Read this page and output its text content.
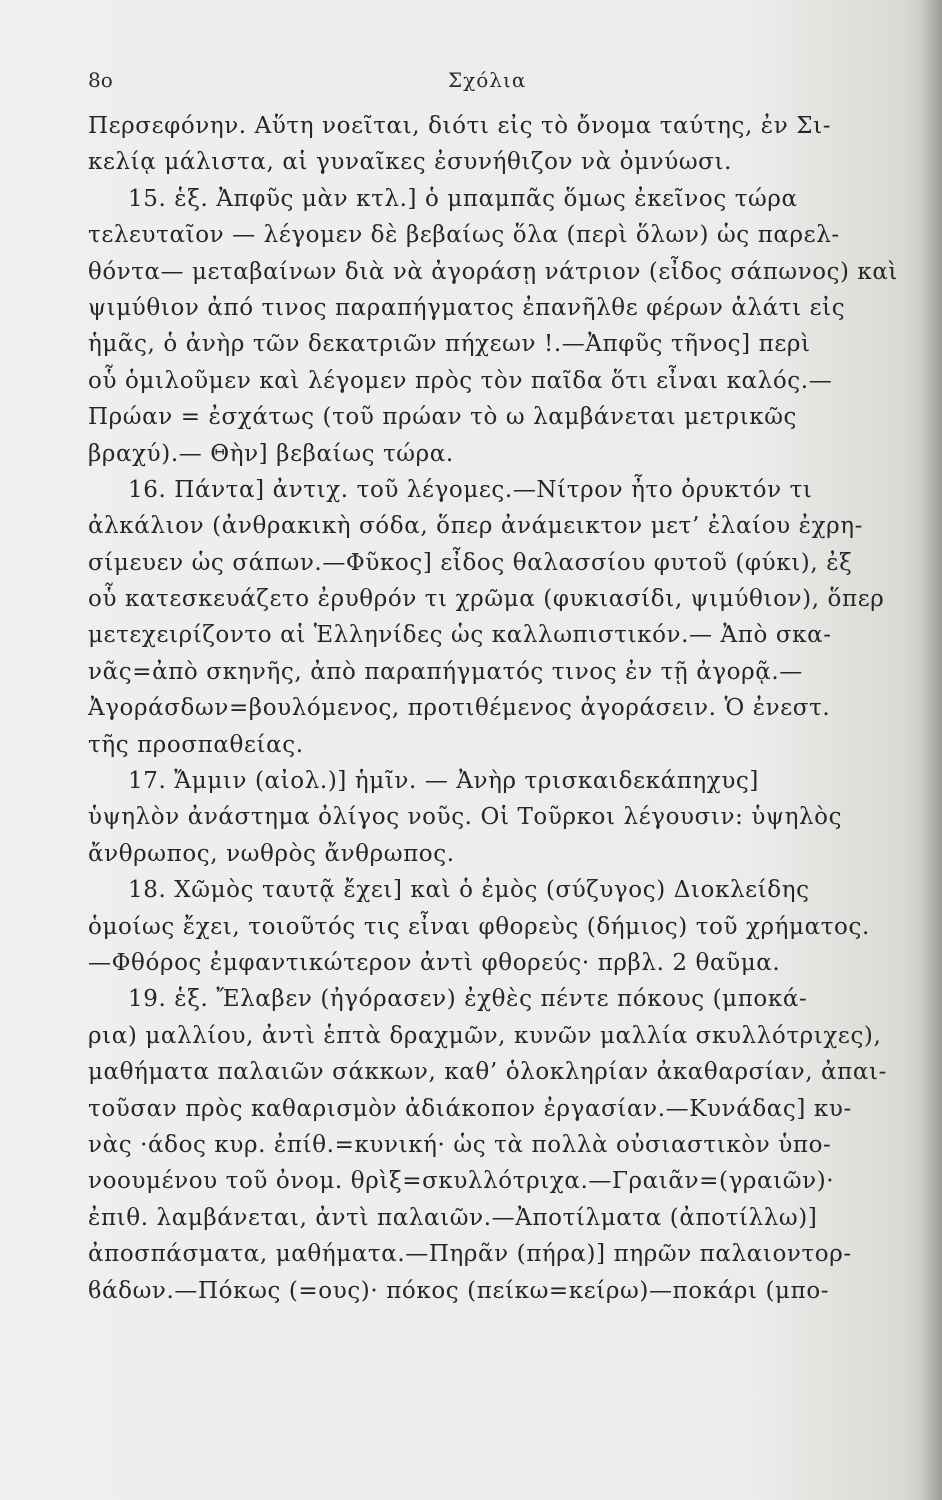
8o	Σχόλια
Περσεφόνην. Αὕτη νοεῖται, διότι εἰς τὸ ὄνομα ταύτης, ἐν Σι-
κελίᾳ μάλιστα, αἱ γυναῖκες ἐσυνήθιζον νὰ ὀμνύωσι.
15. ἑξ. Ἀπφῦς μὰν κτλ.] ὁ μπαμπᾶς ὅμως ἐκεῖνος τώρα
τελευταῖον — λέγομεν δὲ βεβαίως ὅλα (περὶ ὅλων) ὡς παρελ-
θόντα— μεταβαίνων διὰ νὰ ἀγοράσῃ νάτριον (εἶδος σάπωνος) καὶ
ψιμύθιον ἀπό τινος παραπήγματος ἐπανῆλθε φέρων ἁλάτι εἰς
ἡμᾶς, ὁ ἀνὴρ τῶν δεκατριῶν πήχεων !.—Ἀπφῦς τῆνος] περὶ
οὗ ὁμιλοῦμεν καὶ λέγομεν πρὸς τὸν παῖδα ὅτι εἶναι καλός.—
Πρώαν = ἐσχάτως (τοῦ πρώαν τὸ ω λαμβάνεται μετρικῶς
βραχύ).— Θὴν] βεβαίως τώρα.
16. Πάντα] ἀντιχ. τοῦ λέγομες.—Νίτρον ἦτο ὀρυκτόν τι
ἀλκάλιον (ἀνθρακικὴ σόδα, ὅπερ ἀνάμεικτον μετ’ ἐλαίου ἐχρη-
σίμευεν ὡς σάπων.—Φῦκος] εἶδος θαλασσίου φυτοῦ (φύκι), ἐξ
οὗ κατεσκευάζετο ἐρυθρόν τι χρῶμα (φυκιασίδι, ψιμύθιον), ὅπερ
μετεχειρίζοντο αἱ Ἑλληνίδες ὡς καλλωπιστικόν.— Ἀπὸ σκα-
νᾶς=ἀπὸ σκηνῆς, ἀπὸ παραπήγματός τινος ἐν τῇ ἀγορᾷ.—
Ἀγοράσδων=βουλόμενος, προτιθέμενος ἀγοράσειν. Ὁ ἐνεστ.
τῆς προσπαθείας.
17. Ἄμμιν (αἰολ.)] ἡμῖν. — Ἀνὴρ τρισκαιδεκάπηχυς]
ὑψηλὸν ἀνάστημα ὀλίγος νοῦς. Οἱ Τοῦρκοι λέγουσιν: ὑψηλὸς
ἄνθρωπος, νωθρὸς ἄνθρωπος.
18. Χῶμὸς ταυτᾷ ἔχει] καὶ ὁ ἐμὸς (σύζυγος) Διοκλείδης
ὁμοίως ἔχει, τοιοῦτός τις εἶναι φθορεὺς (δήμιος) τοῦ χρήματος.
—Φθόρος ἐμφαντικώτερον ἀντὶ φθορεύς· πρβλ. 2 θαῦμα.
19. ἑξ. Ἔλαβεν (ἠγόρασεν) ἐχθὲς πέντε πόκους (μποκά-
ρια) μαλλίου, ἀντὶ ἑπτὰ δραχμῶν, κυνῶν μαλλία σκυλλότριχες),
μαθήματα παλαιῶν σάκκων, καθ’ ὁλοκληρίαν ἀκαθαρσίαν, ἀπαι-
τοῦσαν πρὸς καθαρισμὸν ἀδιάκοπον ἐργασίαν.—Κυνάδας] κυ-
νὰς ·άδος κυρ. ἐπίθ.=κυνική· ὡς τὰ πολλὰ οὐσιαστικὸν ὑπο-
νοουμένου τοῦ ὀνομ. θρὶξ=σκυλλότριχα.—Γραιᾶν=(γραιῶν)·
ἐπιθ. λαμβάνεται, ἀντὶ παλαιῶν.—Ἀποτίλματα (ἀποτίλλω)]
ἀποσπάσματα, μαθήματα.—Πηρᾶν (πήρα)] πηρῶν παλαιοντορ-
ϐάδων.—Πόκως (=ους)· πόκος (πείκω=κείρω)—ποκάρι (μπο-
